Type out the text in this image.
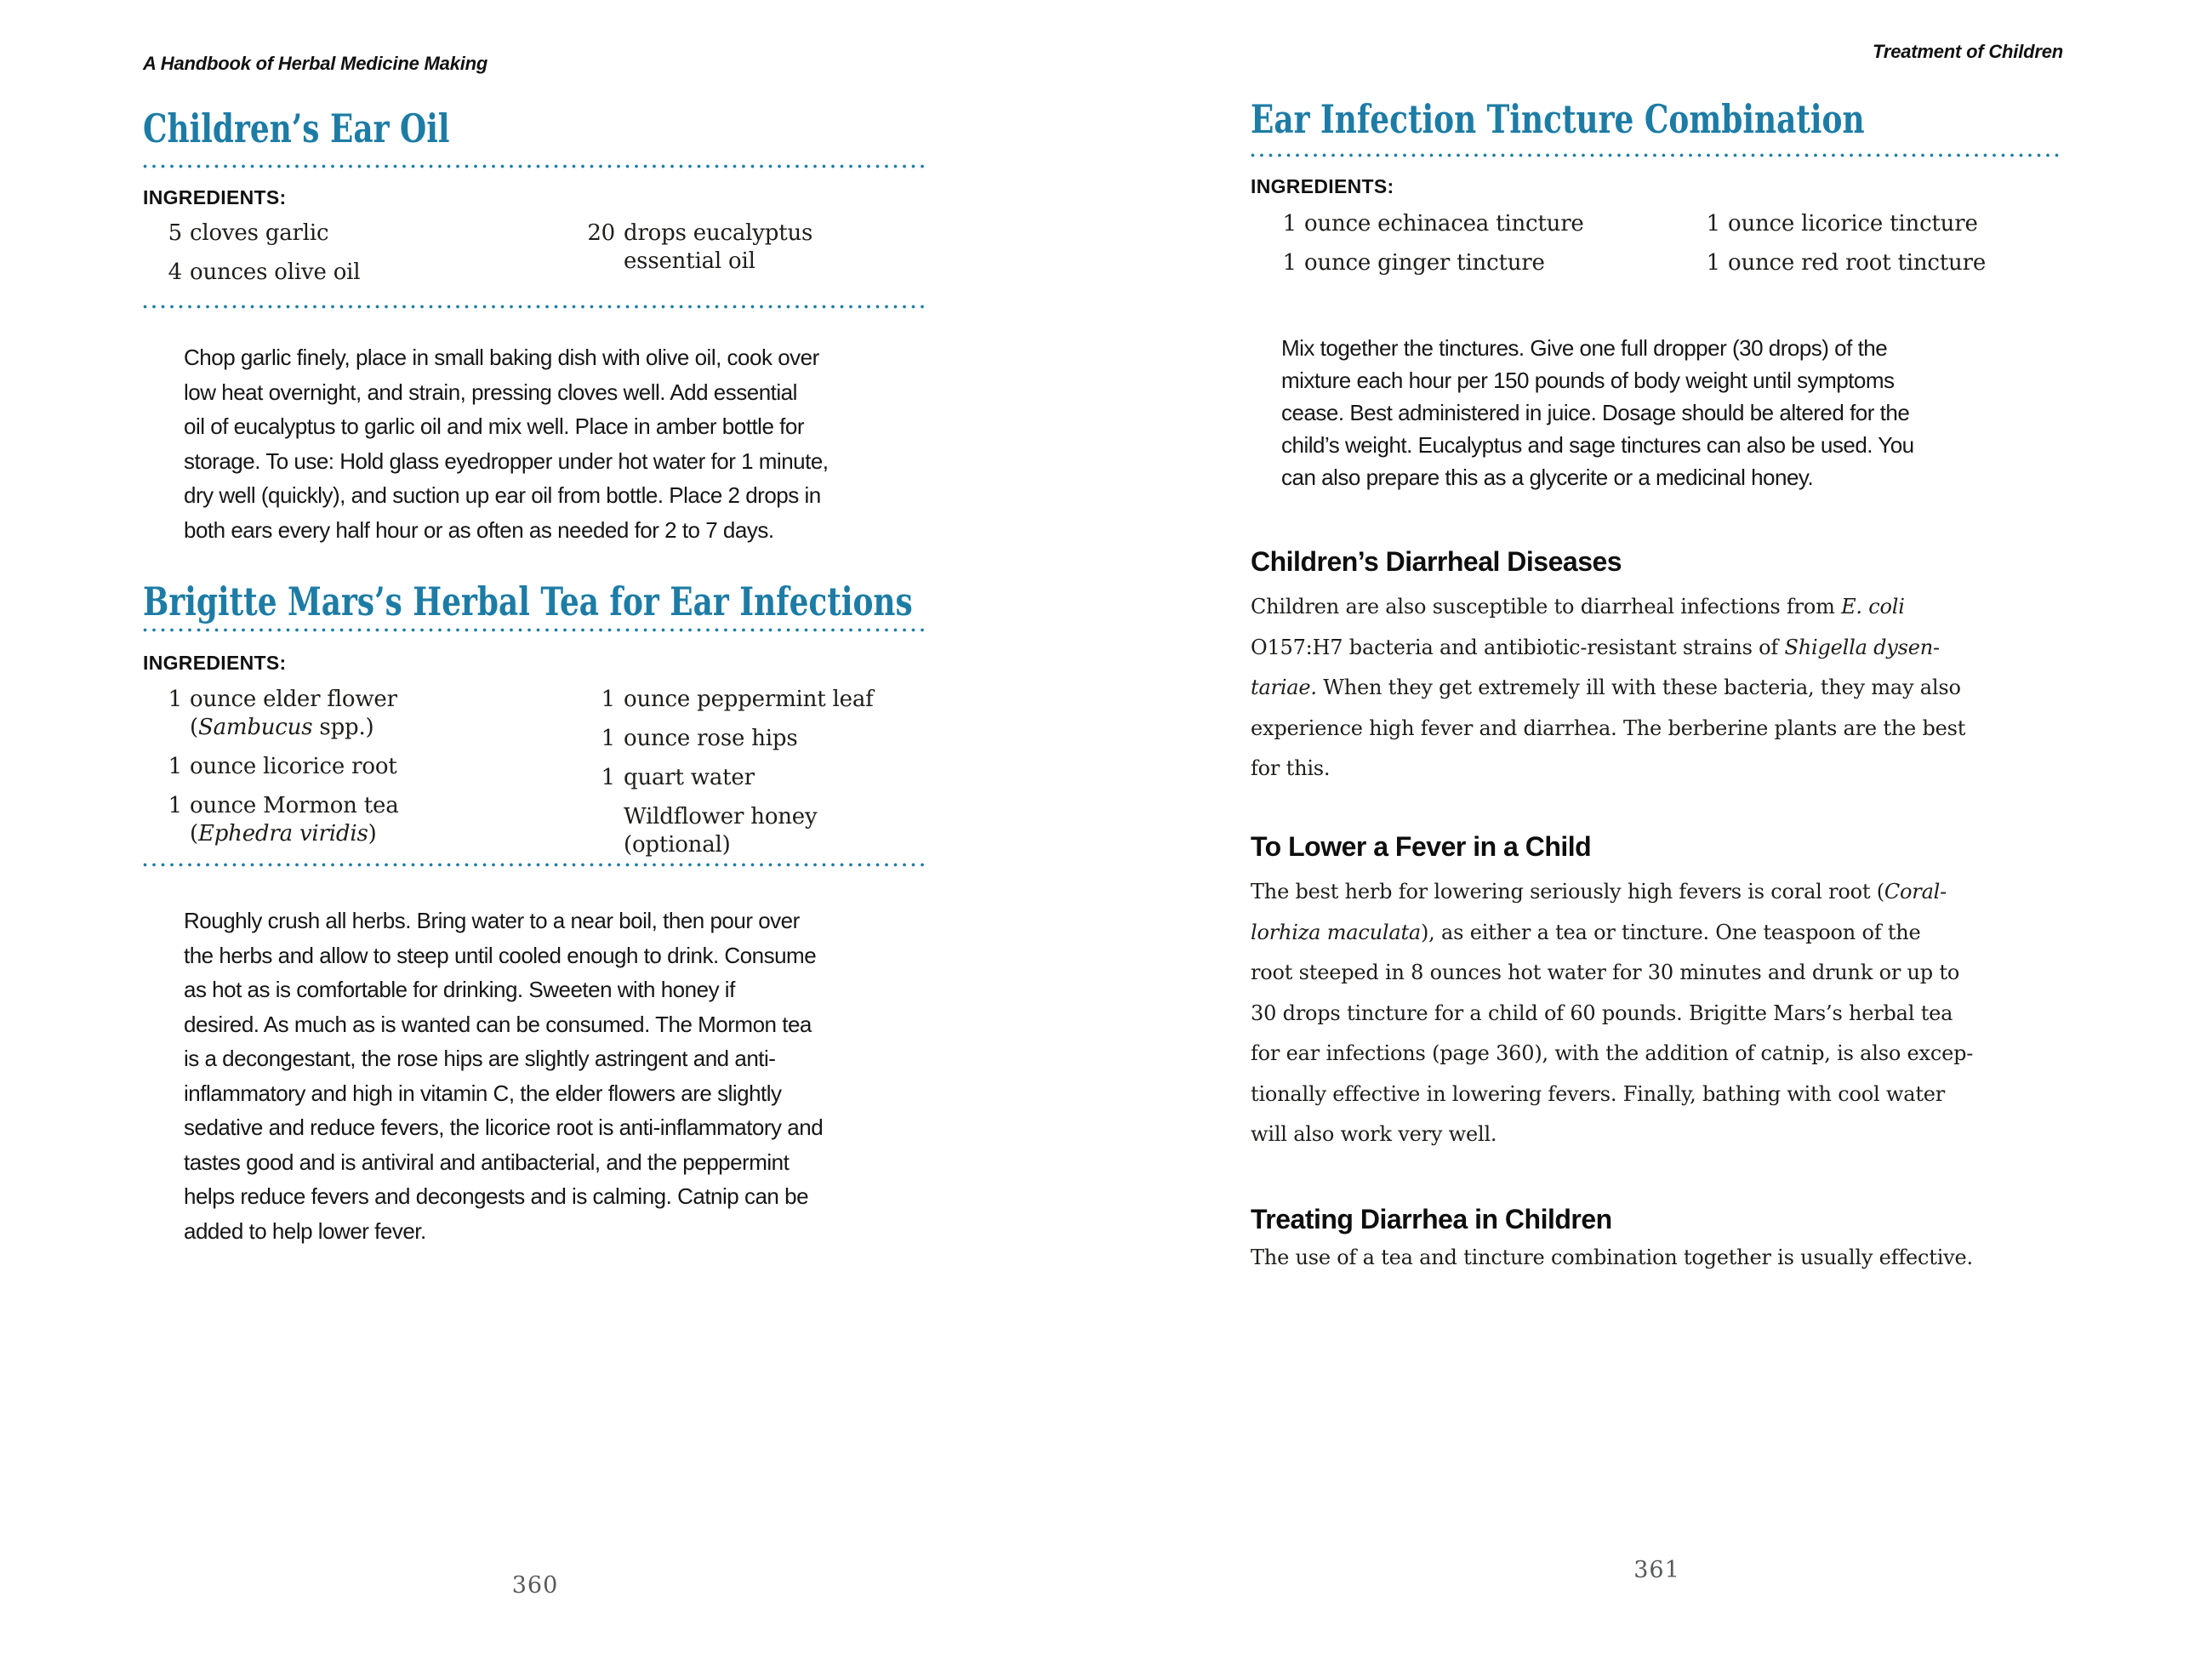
A Handbook of Herbal Medicine Making
Children’s Ear Oil
INGREDIENTS:
5 cloves garlic
4 ounces olive oil
20 drops eucalyptus
essential oil
Chop garlic finely, place in small baking dish with olive oil, cook over
low heat overnight, and strain, pressing cloves well. Add essential
oil of eucalyptus to garlic oil and mix well. Place in amber bottle for
storage. To use: Hold glass eyedropper under hot water for 1 minute,
dry well (quickly), and suction up ear oil from bottle. Place 2 drops in
both ears every half hour or as often as needed for 2 to 7 days.
Brigitte Mars’s Herbal Tea for Ear Infections
INGREDIENTS:
1 ounce elder flower
(Sambucus spp.)
1 ounce licorice root
1 ounce Mormon tea
(Ephedra viridis)
1 ounce peppermint leaf
1 ounce rose hips
1 quart water
Wildflower honey
(optional)
Roughly crush all herbs. Bring water to a near boil, then pour over
the herbs and allow to steep until cooled enough to drink. Consume
as hot as is comfortable for drinking. Sweeten with honey if
desired. As much as is wanted can be consumed. The Mormon tea
is a decongestant, the rose hips are slightly astringent and anti-
inflammatory and high in vitamin C, the elder flowers are slightly
sedative and reduce fevers, the licorice root is anti-inflammatory and
tastes good and is antiviral and antibacterial, and the peppermint
helps reduce fevers and decongests and is calming. Catnip can be
added to help lower fever.
360
Treatment of Children
Ear Infection Tincture Combination
INGREDIENTS:
1 ounce echinacea tincture
1 ounce ginger tincture
1 ounce licorice tincture
1 ounce red root tincture
Mix together the tinctures. Give one full dropper (30 drops) of the
mixture each hour per 150 pounds of body weight until symptoms
cease. Best administered in juice. Dosage should be altered for the
child’s weight. Eucalyptus and sage tinctures can also be used. You
can also prepare this as a glycerite or a medicinal honey.
Children’s Diarrheal Diseases
Children are also susceptible to diarrheal infections from E. coli
O157:H7 bacteria and antibiotic-resistant strains of Shigella dysen-
tariae. When they get extremely ill with these bacteria, they may also
experience high fever and diarrhea. The berberine plants are the best
for this.
To Lower a Fever in a Child
The best herb for lowering seriously high fevers is coral root (Coral-
lorhiza maculata), as either a tea or tincture. One teaspoon of the
root steeped in 8 ounces hot water for 30 minutes and drunk or up to
30 drops tincture for a child of 60 pounds. Brigitte Mars’s herbal tea
for ear infections (page 360), with the addition of catnip, is also excep-
tionally effective in lowering fevers. Finally, bathing with cool water
will also work very well.
Treating Diarrhea in Children
The use of a tea and tincture combination together is usually effective.
361
